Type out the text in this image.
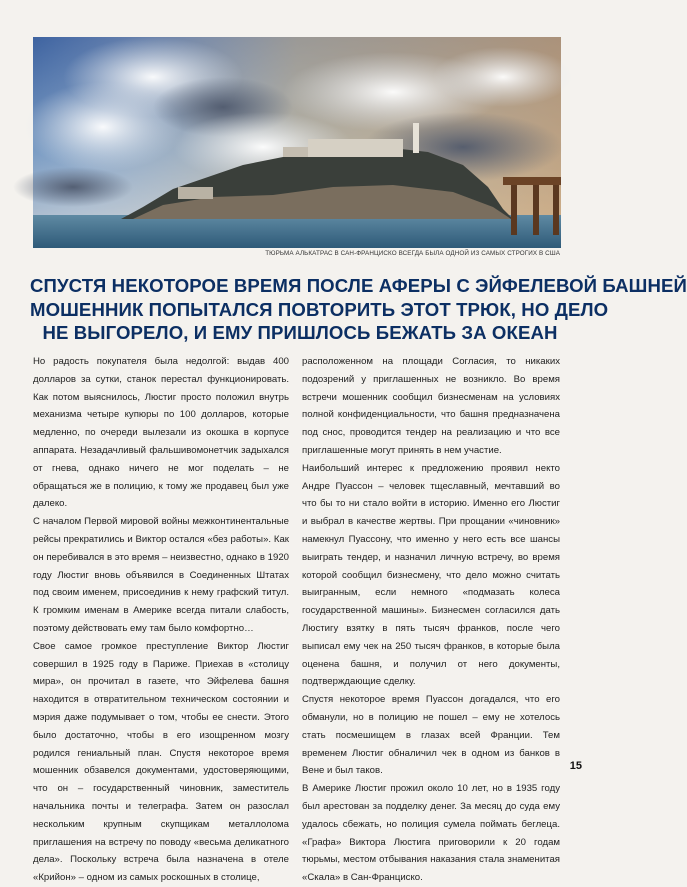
ТЮРЬМА АЛЬКАТРАС В САН-ФРАНЦИСКО ВСЕГДА БЫЛА ОДНОЙ ИЗ САМЫХ СТРОГИХ В США
СПУСТЯ НЕКОТОРОЕ ВРЕМЯ ПОСЛЕ АФЕРЫ С ЭЙФЕЛЕВОЙ БАШНЕЙ
МОШЕННИК ПОПЫТАЛСЯ ПОВТОРИТЬ ЭТОТ ТРЮК, НО ДЕЛО
НЕ ВЫГОРЕЛО, И ЕМУ ПРИШЛОСЬ БЕЖАТЬ ЗА ОКЕАН

Но радость покупателя была недолгой: выдав 400 долларов за сутки, станок перестал функционировать. Как потом выяснилось, Люстиг просто положил внутрь механизма четыре купюры по 100 долларов, которые медленно, по очереди вылезали из окошка в корпусе аппарата. Незадачливый фальшивомонетчик задыхался от гнева, однако ничего не мог поделать – не обращаться же в полицию, к тому же продавец был уже далеко.

С началом Первой мировой войны межконтинентальные рейсы прекратились и Виктор остался «без работы». Как он перебивался в это время – неизвестно, однако в 1920 году Люстиг вновь объявился в Соединенных Штатах под своим именем, присоединив к нему графский титул. К громким именам в Америке всегда питали слабость, поэтому действовать ему там было комфортно…

Свое самое громкое преступление Виктор Люстиг совершил в 1925 году в Париже. Приехав в «столицу мира», он прочитал в газете, что Эйфелева башня находится в отвратительном техническом состоянии и мэрия даже подумывает о том, чтобы ее снести. Этого было достаточно, чтобы в его изощренном мозгу родился гениальный план. Спустя некоторое время мошенник обзавелся документами, удостоверяющими, что он – государственный чиновник, заместитель начальника почты и телеграфа. Затем он разослал нескольким крупным скупщикам металлолома приглашения на встречу по поводу «весьма деликатного дела». Поскольку встреча была назначена в отеле «Крийон» – одном из самых роскошных в столице,

расположенном на площади Согласия, то никаких подозрений у приглашенных не возникло. Во время встречи мошенник сообщил бизнесменам на условиях полной конфиденциальности, что башня предназначена под снос, проводится тендер на реализацию и что все приглашенные могут принять в нем участие.

Наибольший интерес к предложению проявил некто Андре Пуассон – человек тщеславный, мечтавший во что бы то ни стало войти в историю. Именно его Люстиг и выбрал в качестве жертвы. При прощании «чиновник» намекнул Пуассону, что именно у него есть все шансы выиграть тендер, и назначил личную встречу, во время которой сообщил бизнесмену, что дело можно считать выигранным, если немного «подмазать колеса государственной машины». Бизнесмен согласился дать Люстигу взятку в пять тысяч франков, после чего выписал ему чек на 250 тысяч франков, в которые была оценена башня, и получил от него документы, подтверждающие сделку.

Спустя некоторое время Пуассон догадался, что его обманули, но в полицию не пошел – ему не хотелось стать посмешищем в глазах всей Франции. Тем временем Люстиг обналичил чек в одном из банков в Вене и был таков.

В Америке Люстиг прожил около 10 лет, но в 1935 году был арестован за подделку денег. За месяц до суда ему удалось сбежать, но полиция сумела поймать беглеца. «Графа» Виктора Люстига приговорили к 20 годам тюрьмы, местом отбывания наказания стала знаменитая «Скала» в Сан-Франциско.

15
